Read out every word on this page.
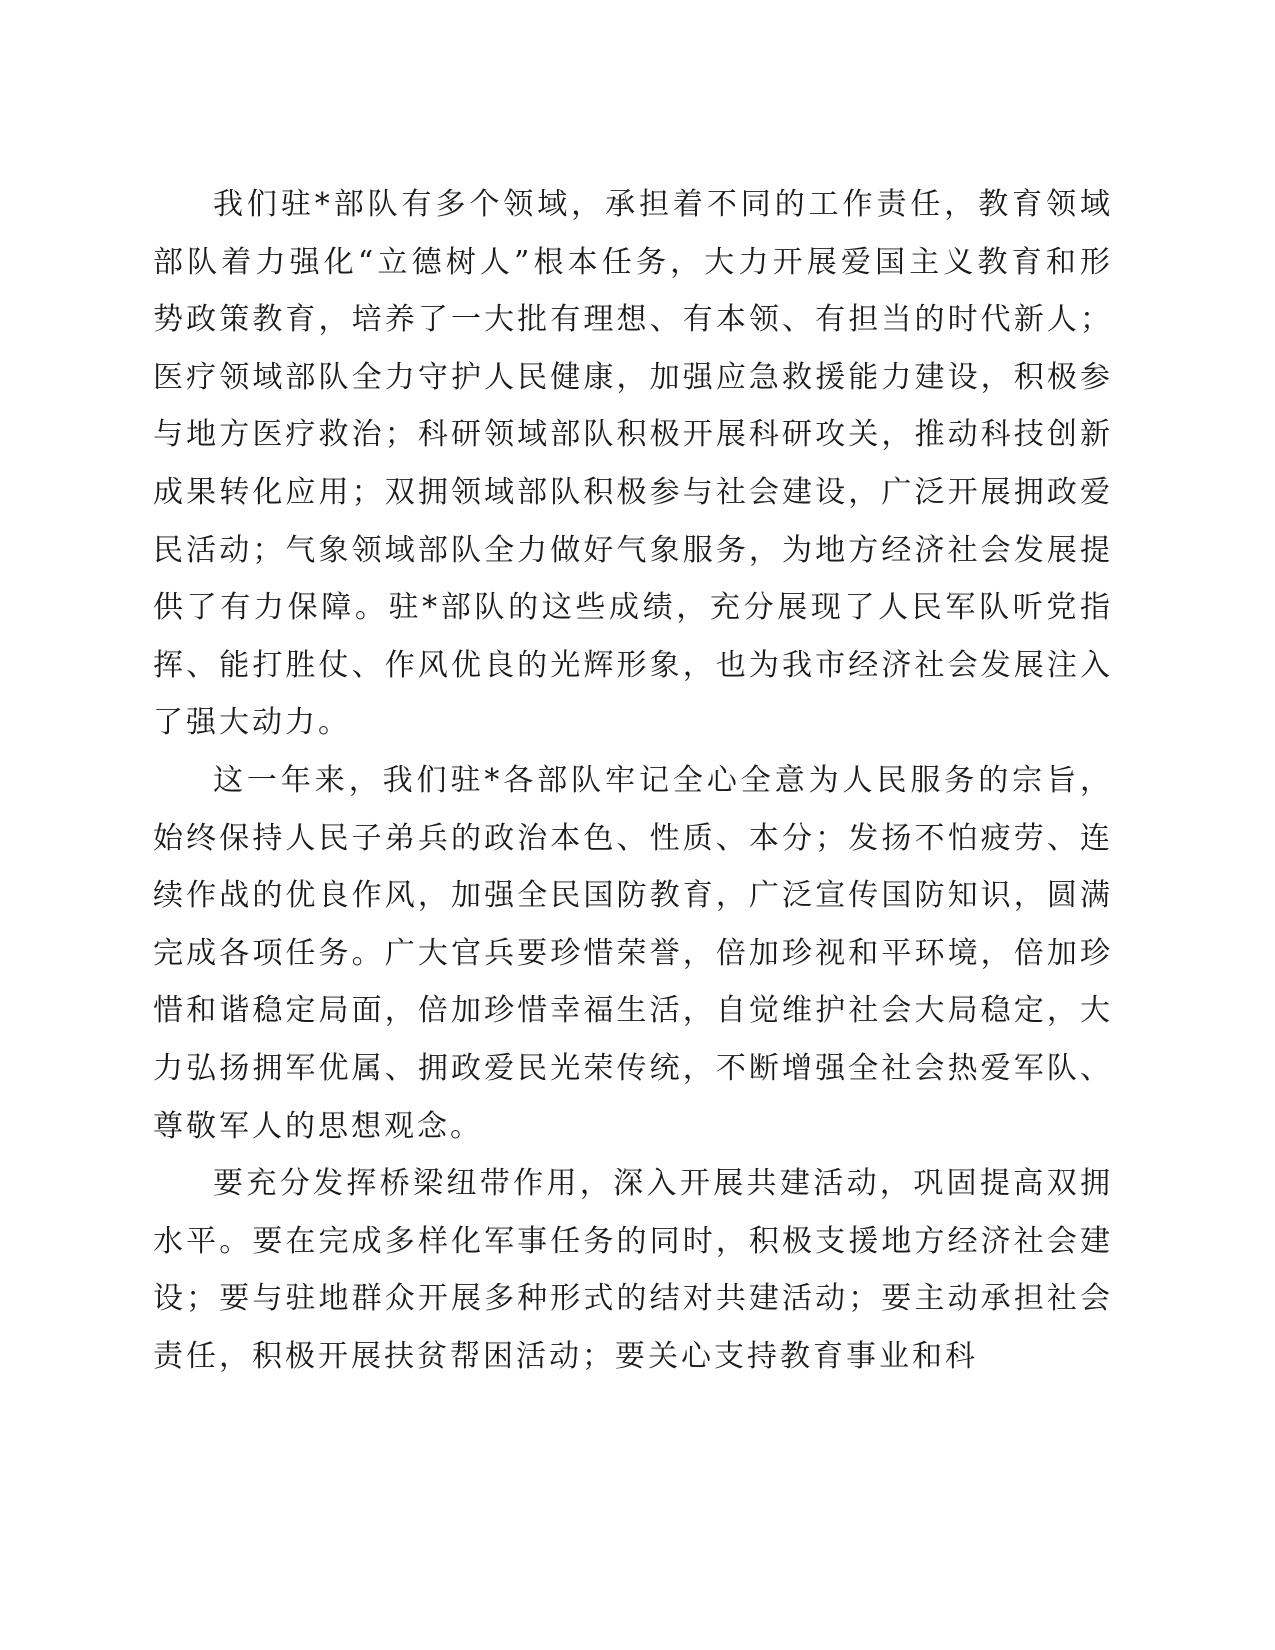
我们驻*部队有多个领域，承担着不同的工作责任，教育领域部队着力强化“立德树人”根本任务，大力开展爱国主义教育和形势政策教育，培养了一大批有理想、有本领、有担当的时代新人；医疗领域部队全力守护人民健康，加强应急救援能力建设，积极参与地方医疗救治；科研领域部队积极开展科研攻关，推动科技创新成果转化应用；双拥领域部队积极参与社会建设，广泛开展拥政爱民活动；气象领域部队全力做好气象服务，为地方经济社会发展提供了有力保障。驻*部队的这些成绩，充分展现了人民军队听党指挥、能打胜仗、作风优良的光辉形象，也为我市经济社会发展注入了强大动力。

这一年来，我们驻*各部队牢记全心全意为人民服务的宗旨，始终保持人民子弟兵的政治本色、性质、本分；发扬不怕疲劳、连续作战的优良作风，加强全民国防教育，广泛宣传国防知识，圆满完成各项任务。广大官兵要珍惜荣誉，倍加珍视和平环境，倍加珍惜和谐稳定局面，倍加珍惜幸福生活，自觉维护社会大局稳定，大力弘扬拥军优属、拥政爱民光荣传统，不断增强全社会热爱军队、尊敬军人的思想观念。

要充分发挥桥梁纽带作用，深入开展共建活动，巩固提高双拥水平。要在完成多样化军事任务的同时，积极支援地方经济社会建设；要与驻地群众开展多种形式的结对共建活动；要主动承担社会责任，积极开展扶贫帮困活动；要关心支持教育事业和科
